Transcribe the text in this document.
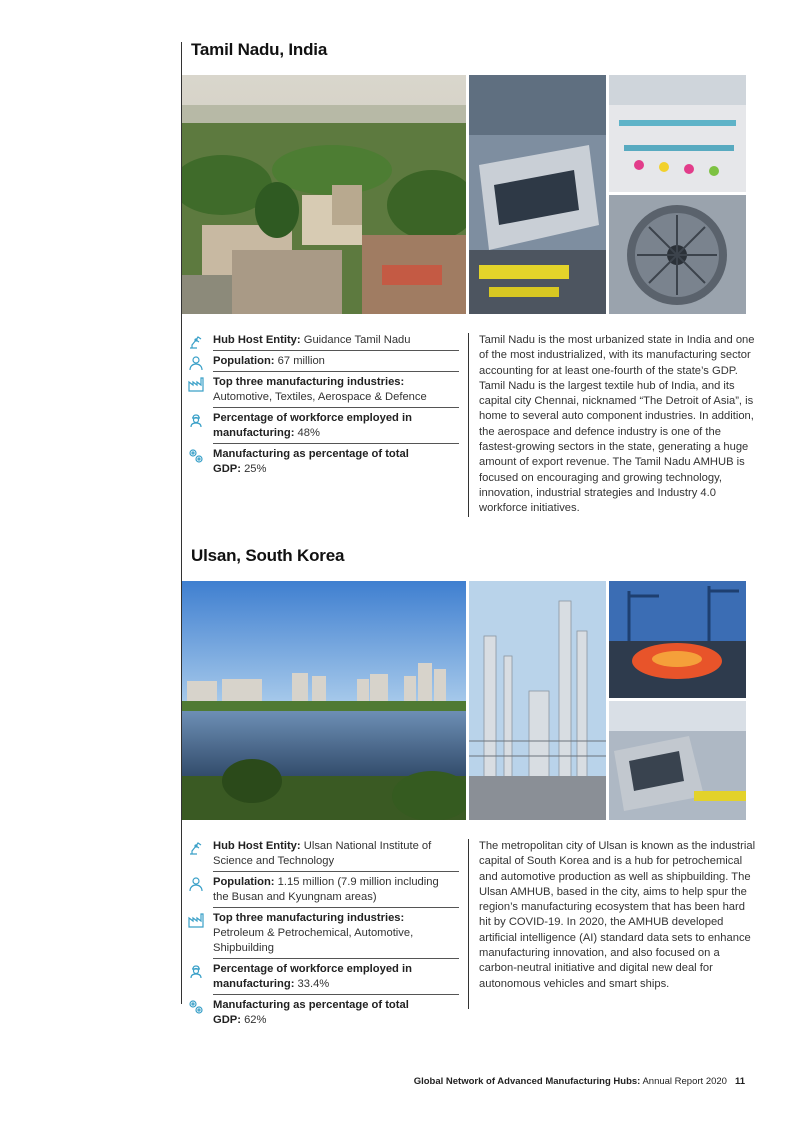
Tamil Nadu, India
Hub Host Entity: Guidance Tamil Nadu
Population: 67 million
Top three manufacturing industries:
Automotive, Textiles, Aerospace & Defence
Percentage of workforce employed in
manufacturing: 48%
Manufacturing as percentage of total
GDP: 25%
Tamil Nadu is the most urbanized state in India and one of the most industrialized, with its manufacturing sector accounting for at least one-fourth of the state’s GDP. Tamil Nadu is the largest textile hub of India, and its capital city Chennai, nicknamed “The Detroit of Asia”, is home to several auto component industries. In addition, the aerospace and defence industry is one of the fastest-growing sectors in the state, generating a huge amount of export revenue. The Tamil Nadu AMHUB is focused on encouraging and growing technology, innovation, industrial strategies and Industry 4.0 workforce initiatives.
Ulsan, South Korea
Hub Host Entity: Ulsan National Institute of
Science and Technology
Population: 1.15 million (7.9 million including
the Busan and Kyungnam areas)
Top three manufacturing industries:
Petroleum & Petrochemical, Automotive, Shipbuilding
Percentage of workforce employed in
manufacturing: 33.4%
Manufacturing as percentage of total
GDP: 62%
The metropolitan city of Ulsan is known as the industrial capital of South Korea and is a hub for petrochemical and automotive production as well as shipbuilding. The Ulsan AMHUB, based in the city, aims to help spur the region’s manufacturing ecosystem that has been hard hit by COVID-19. In 2020, the AMHUB developed artificial intelligence (AI) standard data sets to enhance manufacturing innovation, and also focused on a carbon-neutral initiative and digital new deal for autonomous vehicles and smart ships.
Global Network of Advanced Manufacturing Hubs: Annual Report 2020 11
